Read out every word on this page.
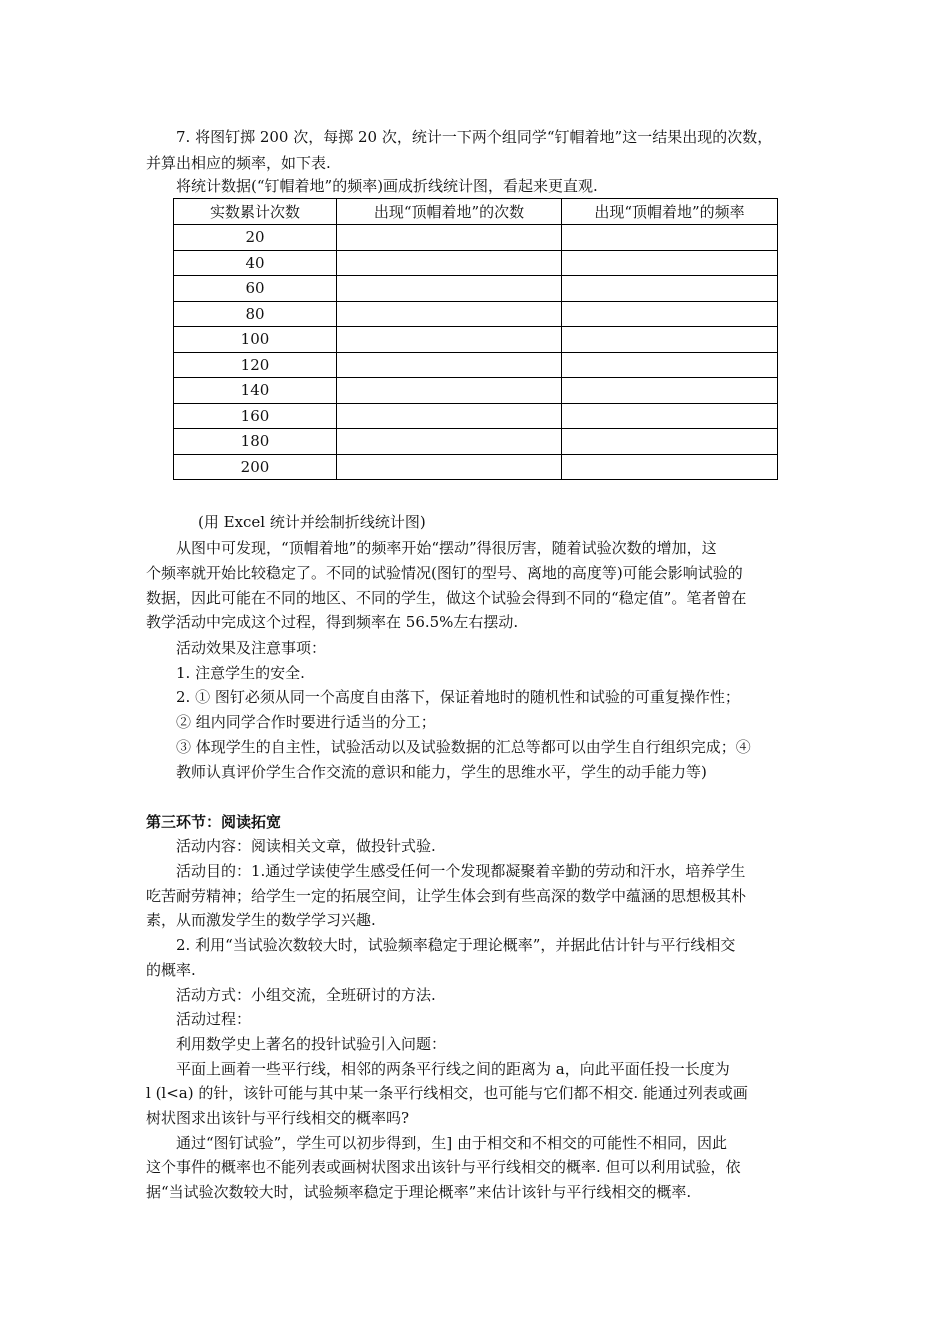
7. 将图钉掷 200 次，每掷 20 次，统计一下两个组同学“钉帽着地”这一结果出现的次数，
并算出相应的频率，如下表.
将统计数据(“钉帽着地”的频率)画成折线统计图，看起来更直观.
实数累计次数	出现“顶帽着地”的次数	出现“顶帽着地”的频率
20		
40		
60		
80		
100		
120		
140		
160		
180		
200		
(用 Excel 统计并绘制折线统计图)
从图中可发现，“顶帽着地”的频率开始“摆动”得很厉害，随着试验次数的增加，这
个频率就开始比较稳定了。不同的试验情况(图钉的型号、离地的高度等)可能会影响试验的
数据，因此可能在不同的地区、不同的学生，做这个试验会得到不同的“稳定值”。笔者曾在
教学活动中完成这个过程，得到频率在 56.5%左右摆动.
活动效果及注意事项：
1. 注意学生的安全.
2. ① 图钉必须从同一个高度自由落下，保证着地时的随机性和试验的可重复操作性；
② 组内同学合作时要进行适当的分工；
③ 体现学生的自主性，试验活动以及试验数据的汇总等都可以由学生自行组织完成；④
教师认真评价学生合作交流的意识和能力，学生的思维水平，学生的动手能力等)
第三环节：阅读拓宽
活动内容：阅读相关文章，做投针式验.
活动目的：1.通过学读使学生感受任何一个发现都凝聚着辛勤的劳动和汗水，培养学生
吃苦耐劳精神；给学生一定的拓展空间，让学生体会到有些高深的数学中蕴涵的思想极其朴
素，从而激发学生的数学学习兴趣.
2. 利用“当试验次数较大时，试验频率稳定于理论概率”，并据此估计针与平行线相交
的概率.
活动方式：小组交流，全班研讨的方法.
活动过程：
利用数学史上著名的投针试验引入问题：
平面上画着一些平行线，相邻的两条平行线之间的距离为 a，向此平面任投一长度为
l (l<a) 的针，该针可能与其中某一条平行线相交，也可能与它们都不相交. 能通过列表或画
树状图求出该针与平行线相交的概率吗?
通过“图钉试验”，学生可以初步得到，生] 由于相交和不相交的可能性不相同，因此
这个事件的概率也不能列表或画树状图求出该针与平行线相交的概率. 但可以利用试验，依
据“当试验次数较大时，试验频率稳定于理论概率”来估计该针与平行线相交的概率.
